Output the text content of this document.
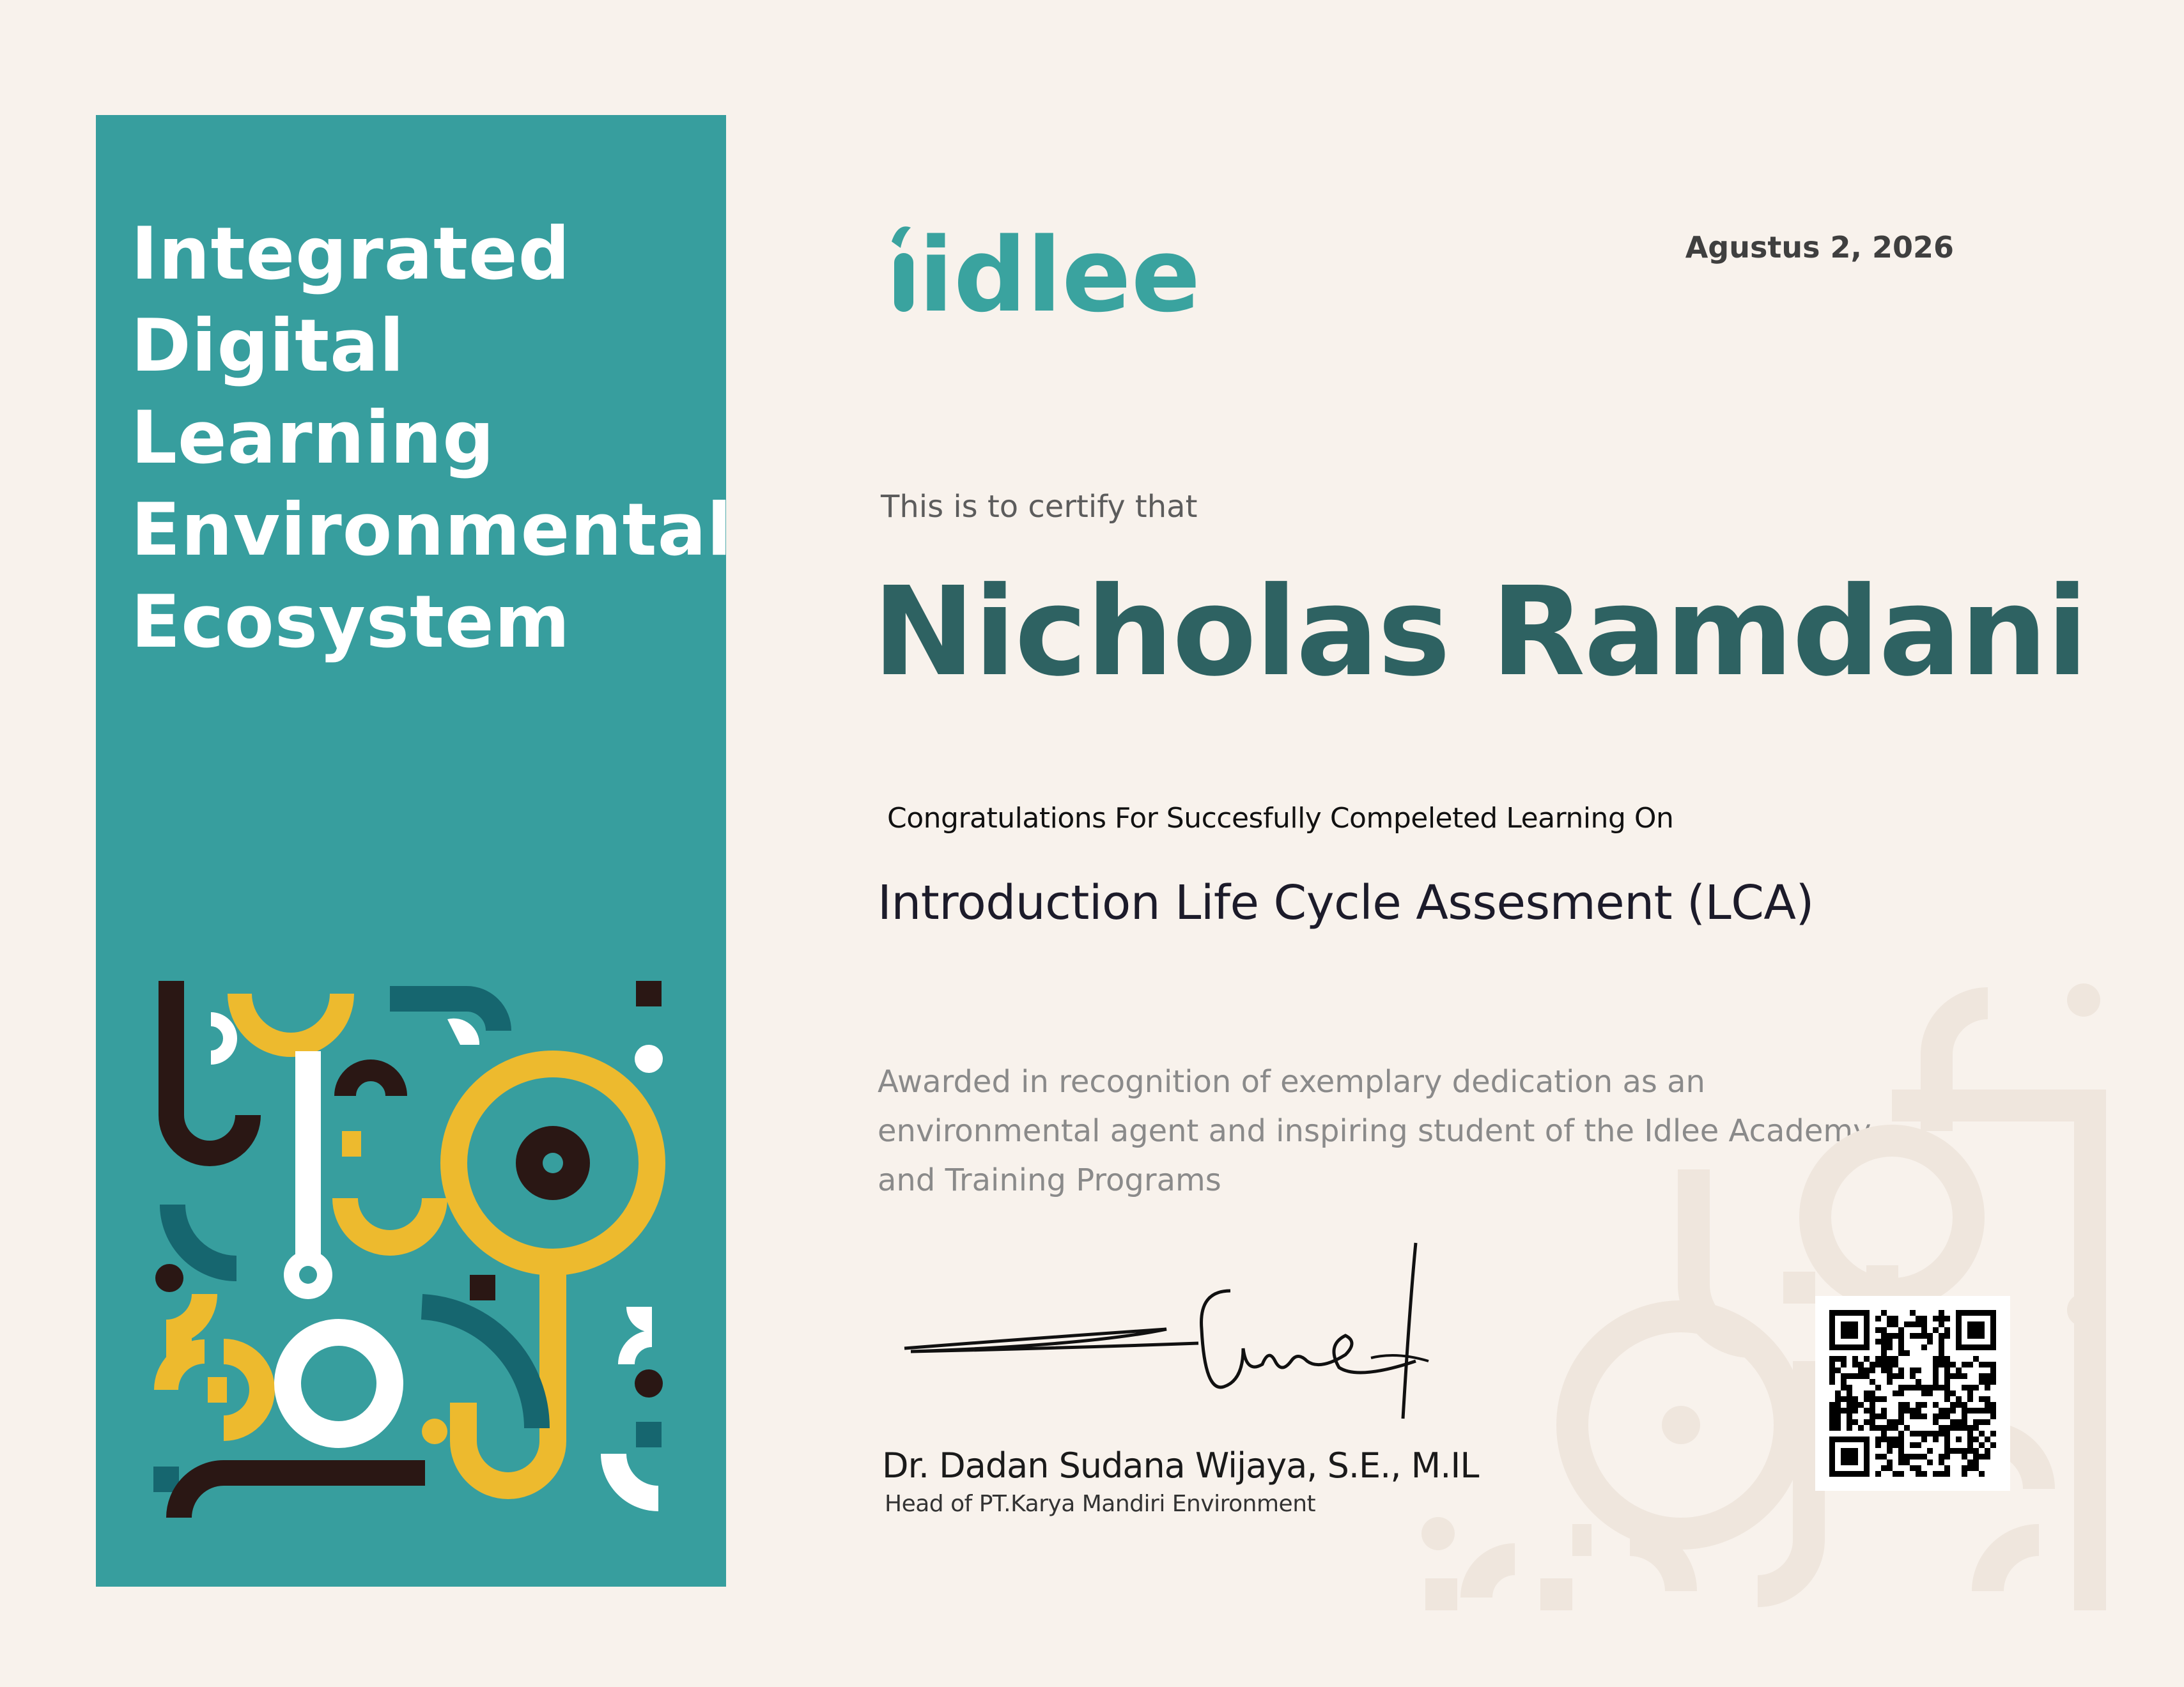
Integrated
Digital
Learning
Environmental
Ecosystem
idlee	Agustus 2, 2026
This is to certify that
Nicholas Ramdani
Congratulations For Succesfully Compeleted Learning On
Introduction Life Cycle Assesment (LCA)
Awarded in recognition of exemplary dedication as an
environmental agent and inspiring student of the Idlee Academy
and Training Programs
Dr. Dadan Sudana Wijaya, S.E., M.IL
Head of PT.Karya Mandiri Environment
